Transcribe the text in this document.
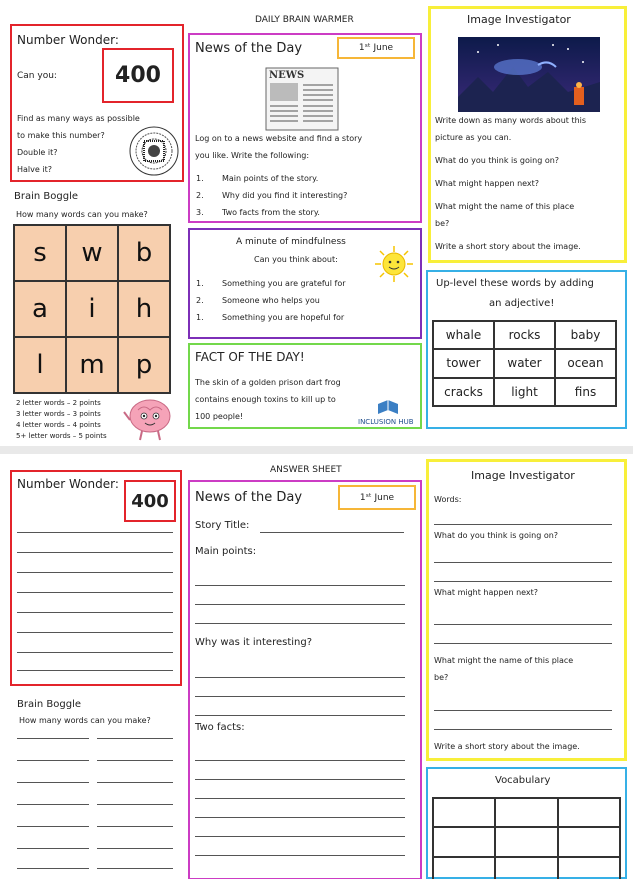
DAILY BRAIN WARMER
Number Wonder:
Can you:	400
Find as many ways as possible
to make this number?
Double it?
Halve it?
Brain Boggle
How many words can you make?
s	w	b
a	i	h
l	m	p
2 letter words – 2 points
3 letter words – 3 points
4 letter words – 4 points
5+ letter words – 5 points
News of the Day	1ˢᵗ June
NEWS
Log on to a news website and find a story
you like. Write the following:
1. Main points of the story.
2. Why did you find it interesting?
3. Two facts from the story.
A minute of mindfulness
Can you think about:
1. Something you are grateful for
2. Someone who helps you
1. Something you are hopeful for
FACT OF THE DAY!
The skin of a golden prison dart frog
contains enough toxins to kill up to
100 people!
INCLUSION HUB
Image Investigator
Write down as many words about this
picture as you can.
What do you think is going on?
What might happen next?
What might the name of this place
be?
Write a short story about the image.
Up-level these words by adding
an adjective!
whale	rocks	baby
tower	water	ocean
cracks	light	fins
ANSWER SHEET
Number Wonder:
400
Brain Boggle
How many words can you make?
News of the Day	1ˢᵗ June
Story Title:
Main points:
Why was it interesting?
Two facts:
Image Investigator
Words:
What do you think is going on?
What might happen next?
What might the name of this place
be?
Write a short story about the image.
Vocabulary
